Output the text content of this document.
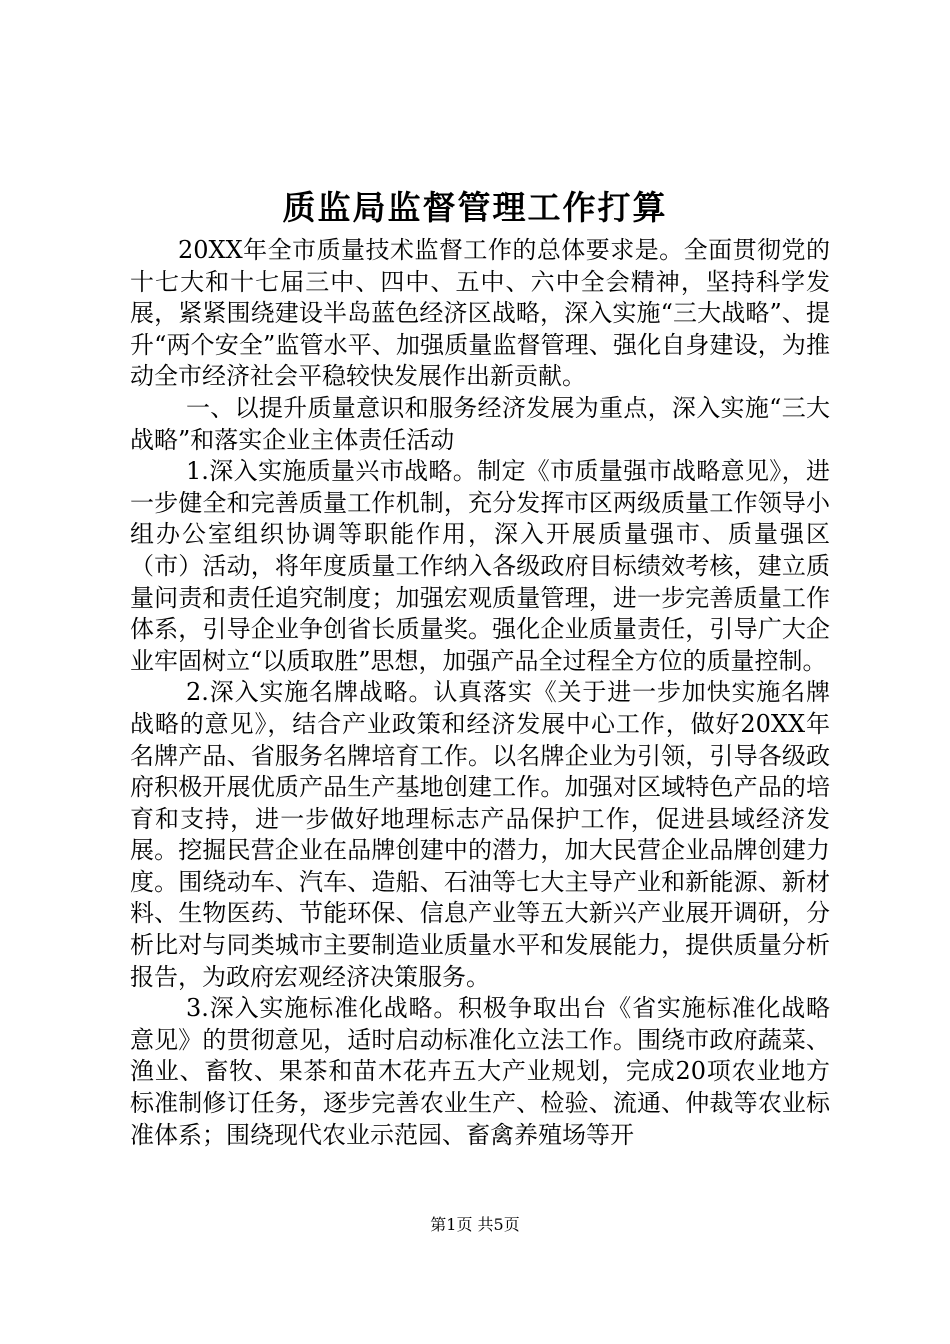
质监局监督管理工作打算

20XX年全市质量技术监督工作的总体要求是。全面贯彻党的十七大和十七届三中、四中、五中、六中全会精神，坚持科学发展，紧紧围绕建设半岛蓝色经济区战略，深入实施“三大战略”、提升“两个安全”监管水平、加强质量监督管理、强化自身建设，为推动全市经济社会平稳较快发展作出新贡献。

一、以提升质量意识和服务经济发展为重点，深入实施“三大战略”和落实企业主体责任活动

1.深入实施质量兴市战略。制定《市质量强市战略意见》，进一步健全和完善质量工作机制，充分发挥市区两级质量工作领导小组办公室组织协调等职能作用，深入开展质量强市、质量强区（市）活动，将年度质量工作纳入各级政府目标绩效考核，建立质量问责和责任追究制度；加强宏观质量管理，进一步完善质量工作体系，引导企业争创省长质量奖。强化企业质量责任，引导广大企业牢固树立“以质取胜”思想，加强产品全过程全方位的质量控制。

2.深入实施名牌战略。认真落实《关于进一步加快实施名牌战略的意见》，结合产业政策和经济发展中心工作，做好20XX年名牌产品、省服务名牌培育工作。以名牌企业为引领，引导各级政府积极开展优质产品生产基地创建工作。加强对区域特色产品的培育和支持，进一步做好地理标志产品保护工作，促进县域经济发展。挖掘民营企业在品牌创建中的潜力，加大民营企业品牌创建力度。围绕动车、汽车、造船、石油等七大主导产业和新能源、新材料、生物医药、节能环保、信息产业等五大新兴产业展开调研，分析比对与同类城市主要制造业质量水平和发展能力，提供质量分析报告，为政府宏观经济决策服务。

3.深入实施标准化战略。积极争取出台《省实施标准化战略意见》的贯彻意见，适时启动标准化立法工作。围绕市政府蔬菜、渔业、畜牧、果茶和苗木花卉五大产业规划，完成20项农业地方标准制修订任务，逐步完善农业生产、检验、流通、仲裁等农业标准体系；围绕现代农业示范园、畜禽养殖场等开

第1页 共5页
